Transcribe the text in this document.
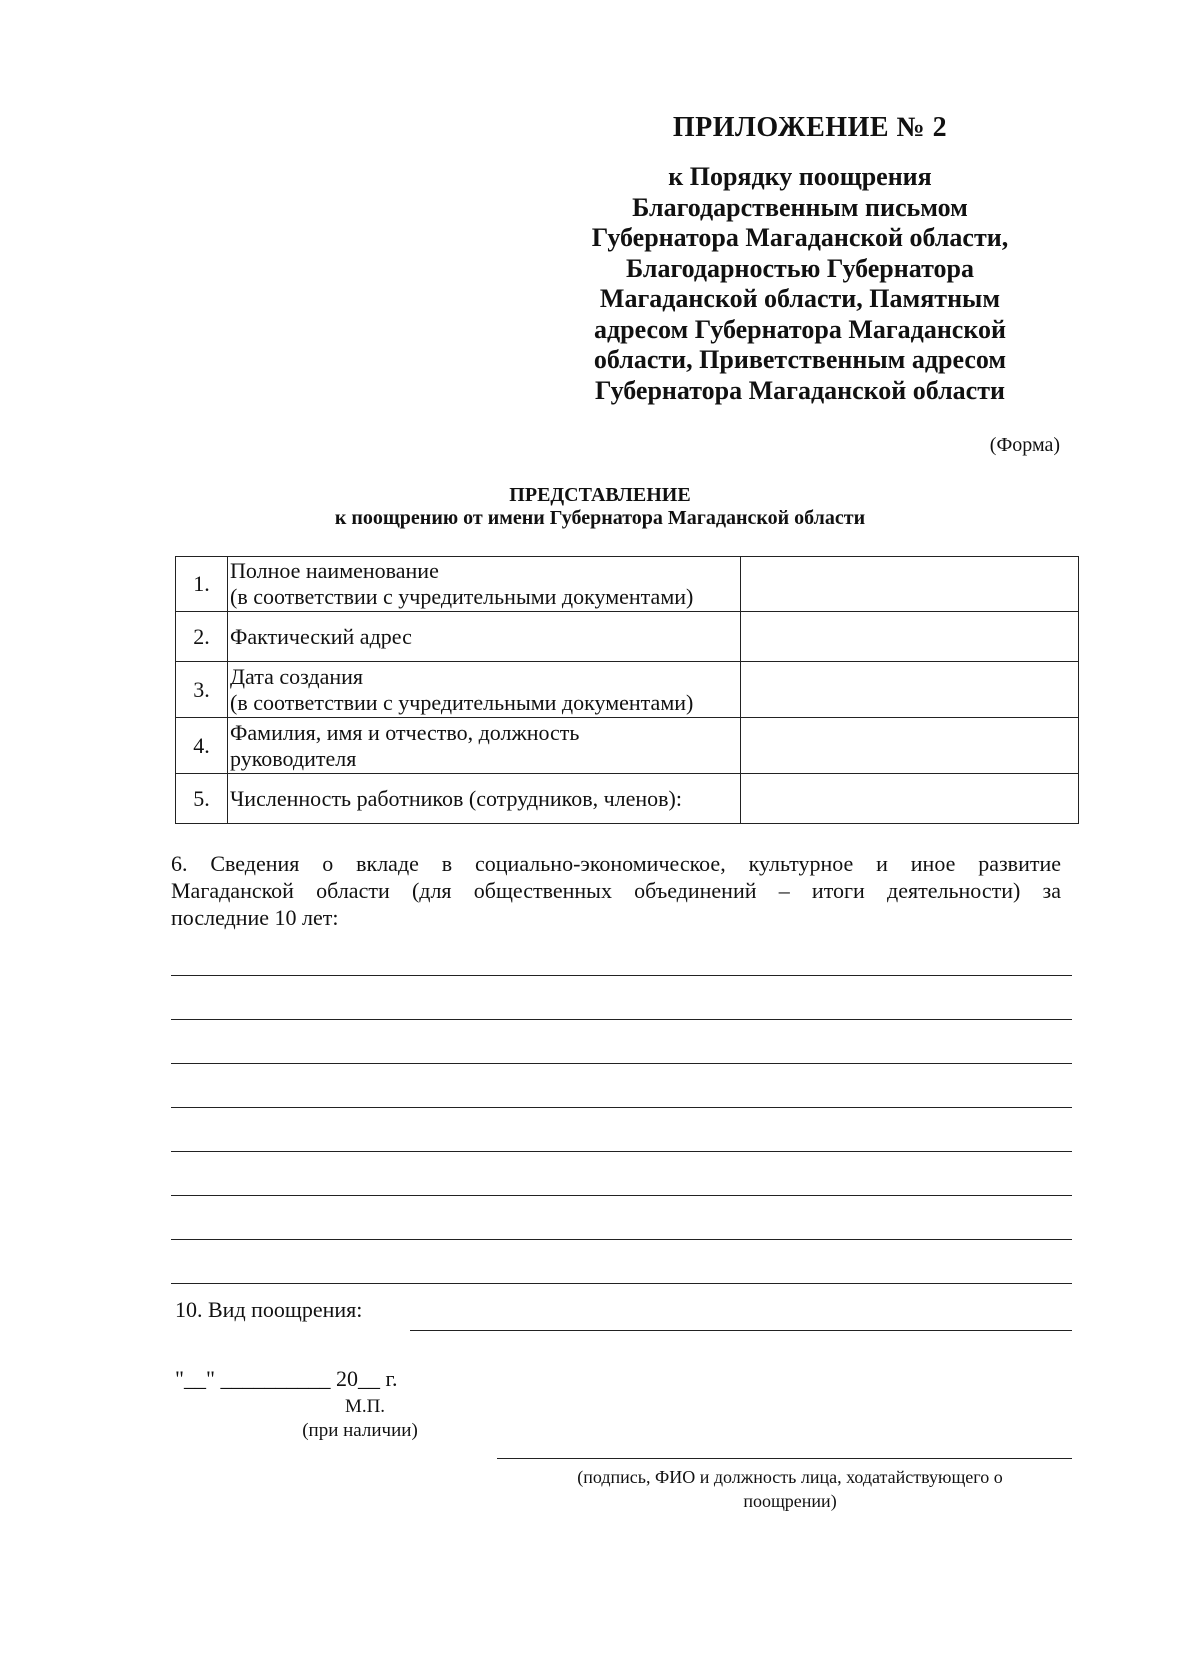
ПРИЛОЖЕНИЕ № 2
к Порядку поощрения
Благодарственным письмом
Губернатора Магаданской области,
Благодарностью Губернатора
Магаданской области, Памятным
адресом Губернатора Магаданской
области, Приветственным адресом
Губернатора Магаданской области
(Форма)
ПРЕДСТАВЛЕНИЕ
к поощрению от имени Губернатора Магаданской области
1.	Полное наименование
(в соответствии с учредительными документами)	

2.	Фактический адрес	

3.	Дата создания
(в соответствии с учредительными документами)	

4.	Фамилия, имя и отчество, должность
руководителя	

5.	Численность работников (сотрудников, членов):	

6. Сведения о вкладе в социально-экономическое, культурное и иное развитие
Магаданской области (для общественных объединений – итоги деятельности) за
последние 10 лет:
10. Вид поощрения:
"__" __________ 20__ г.
М.П.
(при наличии)
(подпись, ФИО и должность лица, ходатайствующего о
поощрении)
